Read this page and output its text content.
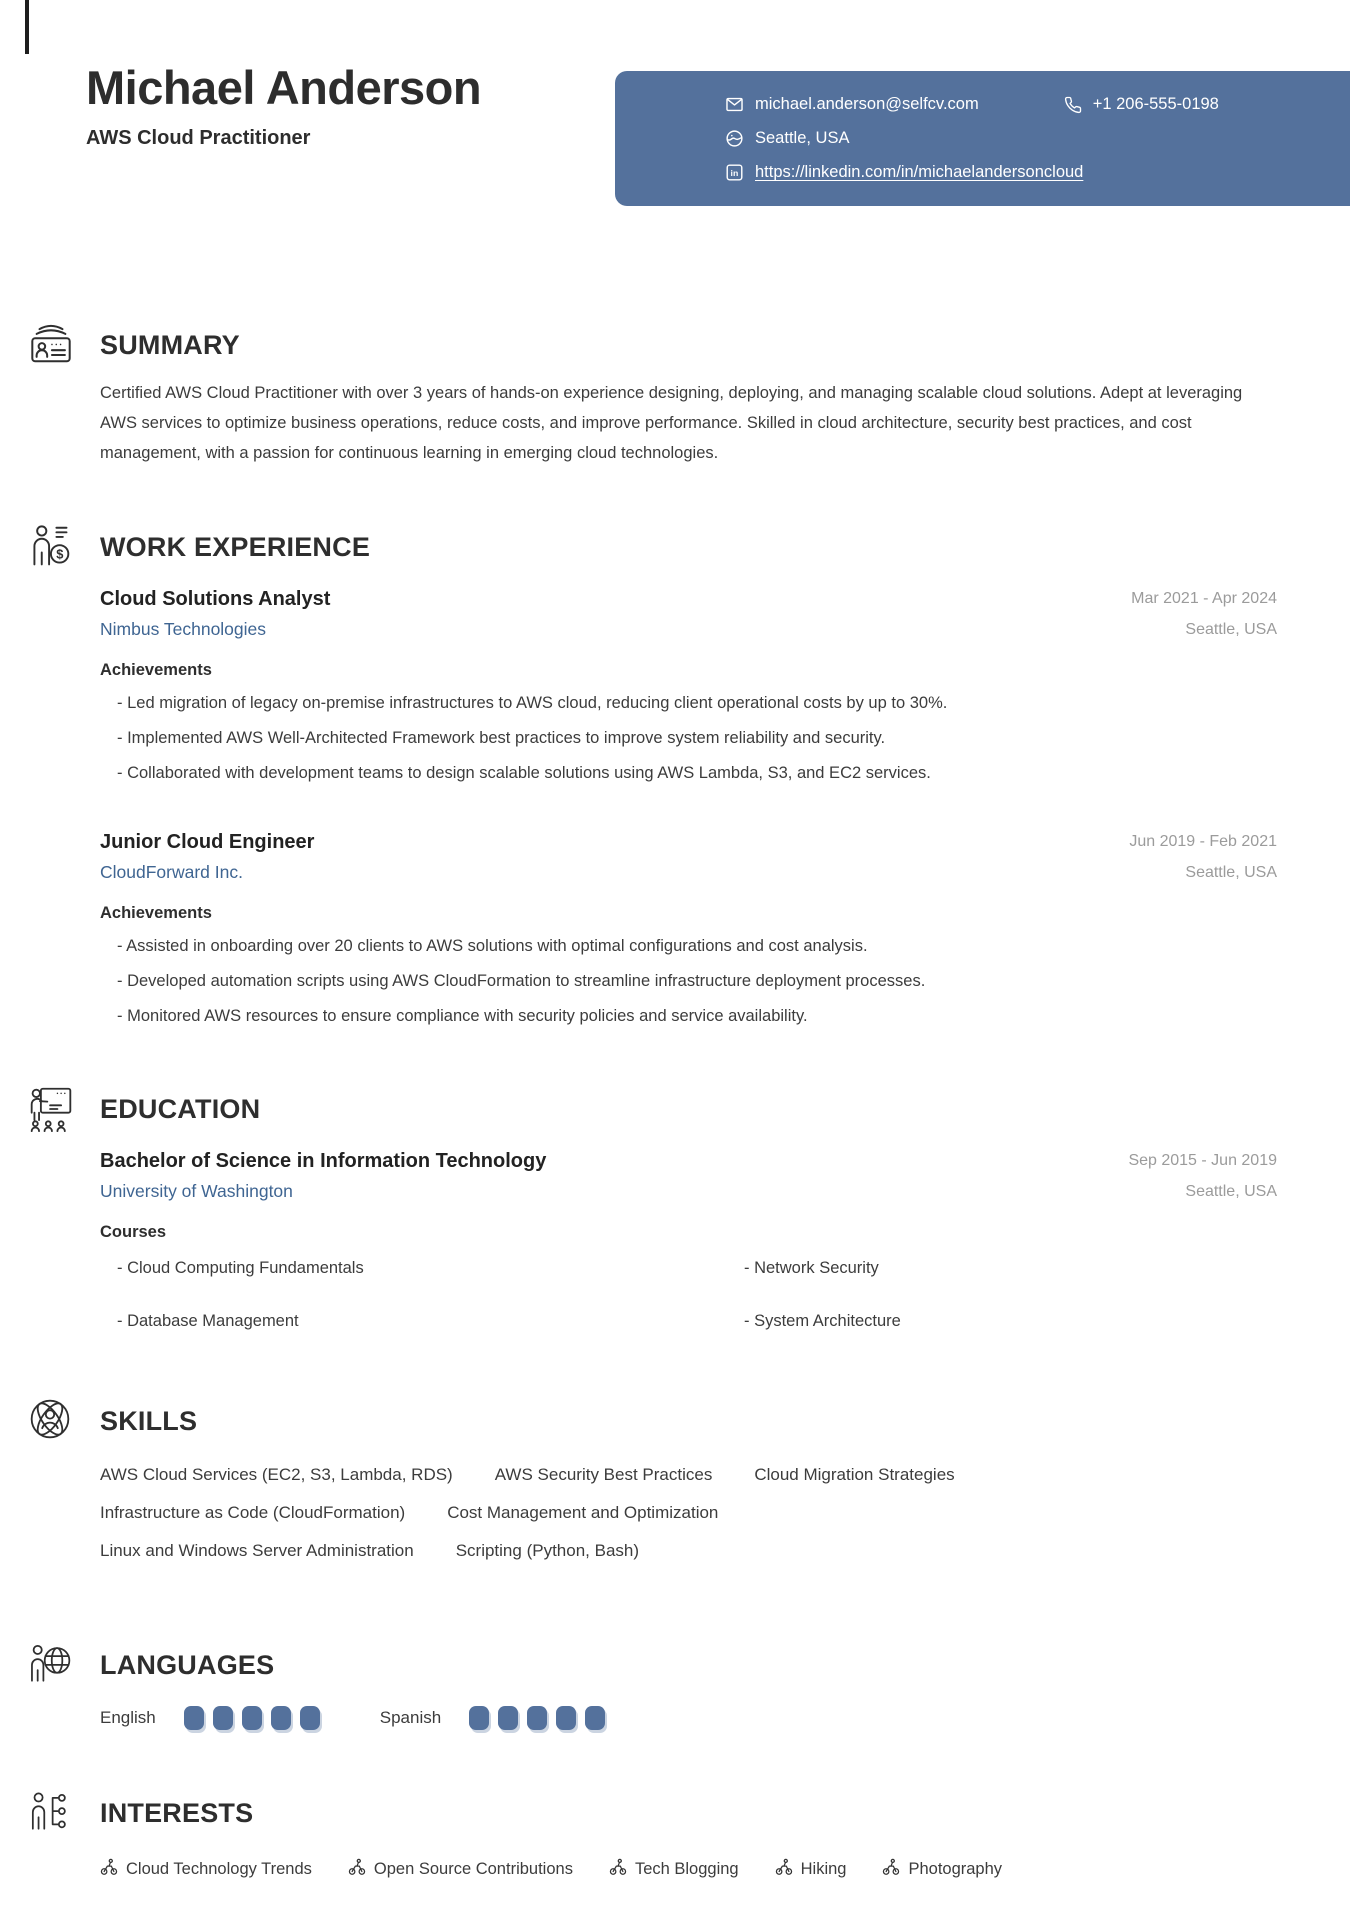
Michael Anderson
AWS Cloud Practitioner
michael.anderson@selfcv.com	+1 206-555-0198
Seattle, USA
in https://linkedin.com/in/michaelandersoncloud
SUMMARY
Certified AWS Cloud Practitioner with over 3 years of hands-on experience designing, deploying, and managing scalable cloud solutions. Adept at leveraging AWS services to optimize business operations, reduce costs, and improve performance. Skilled in cloud architecture, security best practices, and cost management, with a passion for continuous learning in emerging cloud technologies.
$ WORK EXPERIENCE
Cloud Solutions Analyst	Mar 2021 - Apr 2024
Nimbus Technologies	Seattle, USA
Achievements
- Led migration of legacy on-premise infrastructures to AWS cloud, reducing client operational costs by up to 30%.
- Implemented AWS Well-Architected Framework best practices to improve system reliability and security.
- Collaborated with development teams to design scalable solutions using AWS Lambda, S3, and EC2 services.
Junior Cloud Engineer	Jun 2019 - Feb 2021
CloudForward Inc.	Seattle, USA
Achievements
- Assisted in onboarding over 20 clients to AWS solutions with optimal configurations and cost analysis.
- Developed automation scripts using AWS CloudFormation to streamline infrastructure deployment processes.
- Monitored AWS resources to ensure compliance with security policies and service availability.
EDUCATION
Bachelor of Science in Information Technology	Sep 2015 - Jun 2019
University of Washington	Seattle, USA
Courses
- Cloud Computing Fundamentals	- Network Security
- Database Management	- System Architecture
SKILLS
AWS Cloud Services (EC2, S3, Lambda, RDS) AWS Security Best Practices Cloud Migration Strategies
Infrastructure as Code (CloudFormation) Cost Management and Optimization
Linux and Windows Server Administration Scripting (Python, Bash)
LANGUAGES
English	Spanish
INTERESTS
Cloud Technology Trends	Open Source Contributions	Tech Blogging	Hiking	Photography
